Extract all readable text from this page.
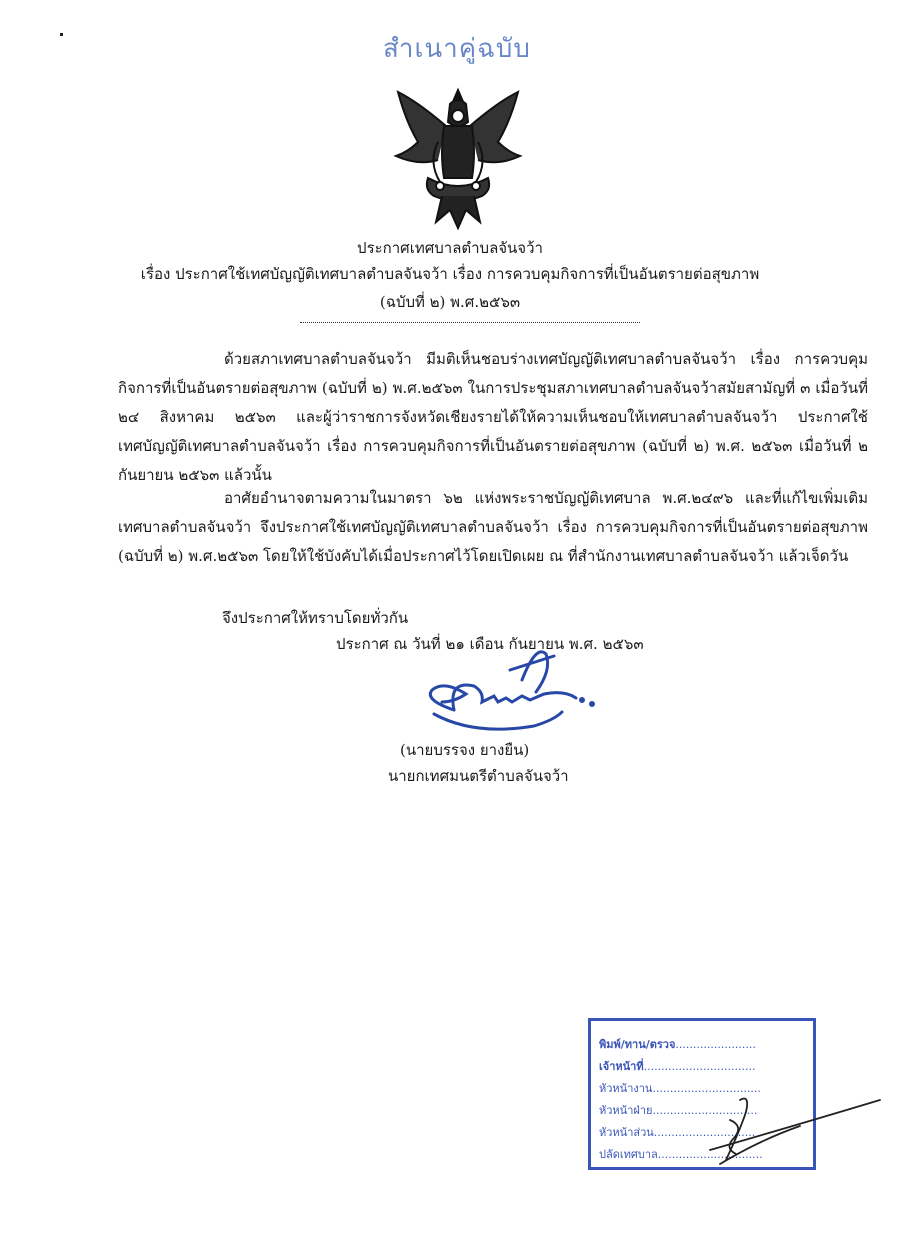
สำเนาคู่ฉบับ
ประกาศเทศบาลตำบลจันจว้า
เรื่อง ประกาศใช้เทศบัญญัติเทศบาลตำบลจันจว้า เรื่อง การควบคุมกิจการที่เป็นอันตรายต่อสุขภาพ
(ฉบับที่ ๒) พ.ศ.๒๕๖๓
ด้วยสภาเทศบาลตำบลจันจว้า มีมติเห็นชอบร่างเทศบัญญัติเทศบาลตำบลจันจว้า เรื่อง การควบคุมกิจการที่เป็นอันตรายต่อสุขภาพ (ฉบับที่ ๒) พ.ศ.๒๕๖๓ ในการประชุมสภาเทศบาลตำบลจันจว้าสมัยสามัญที่ ๓ เมื่อวันที่ ๒๔ สิงหาคม ๒๕๖๓ และผู้ว่าราชการจังหวัดเชียงรายได้ให้ความเห็นชอบให้เทศบาลตำบลจันจว้า ประกาศใช้เทศบัญญัติเทศบาลตำบลจันจว้า เรื่อง การควบคุมกิจการที่เป็นอันตรายต่อสุขภาพ (ฉบับที่ ๒) พ.ศ. ๒๕๖๓ เมื่อวันที่ ๒ กันยายน ๒๕๖๓ แล้วนั้น
อาศัยอำนาจตามความในมาตรา ๖๒ แห่งพระราชบัญญัติเทศบาล พ.ศ.๒๔๙๖ และที่แก้ไขเพิ่มเติม เทศบาลตำบลจันจว้า จึงประกาศใช้เทศบัญญัติเทศบาลตำบลจันจว้า เรื่อง การควบคุมกิจการที่เป็นอันตรายต่อสุขภาพ (ฉบับที่ ๒) พ.ศ.๒๕๖๓ โดยให้ใช้บังคับได้เมื่อประกาศไว้โดยเปิดเผย ณ ที่สำนักงานเทศบาลตำบลจันจว้า แล้วเจ็ดวัน
จึงประกาศให้ทราบโดยทั่วกัน
ประกาศ ณ วันที่ ๒๑ เดือน กันยายน พ.ศ. ๒๕๖๓
(นายบรรจง ยางยืน)
นายกเทศมนตรีตำบลจันจว้า
พิมพ์/ทาน/ตรวจ.......................
เจ้าหน้าที่................................
หัวหน้างาน...............................
หัวหน้าฝ่าย..............................
หัวหน้าส่วน.............................
ปลัดเทศบาล..............................
